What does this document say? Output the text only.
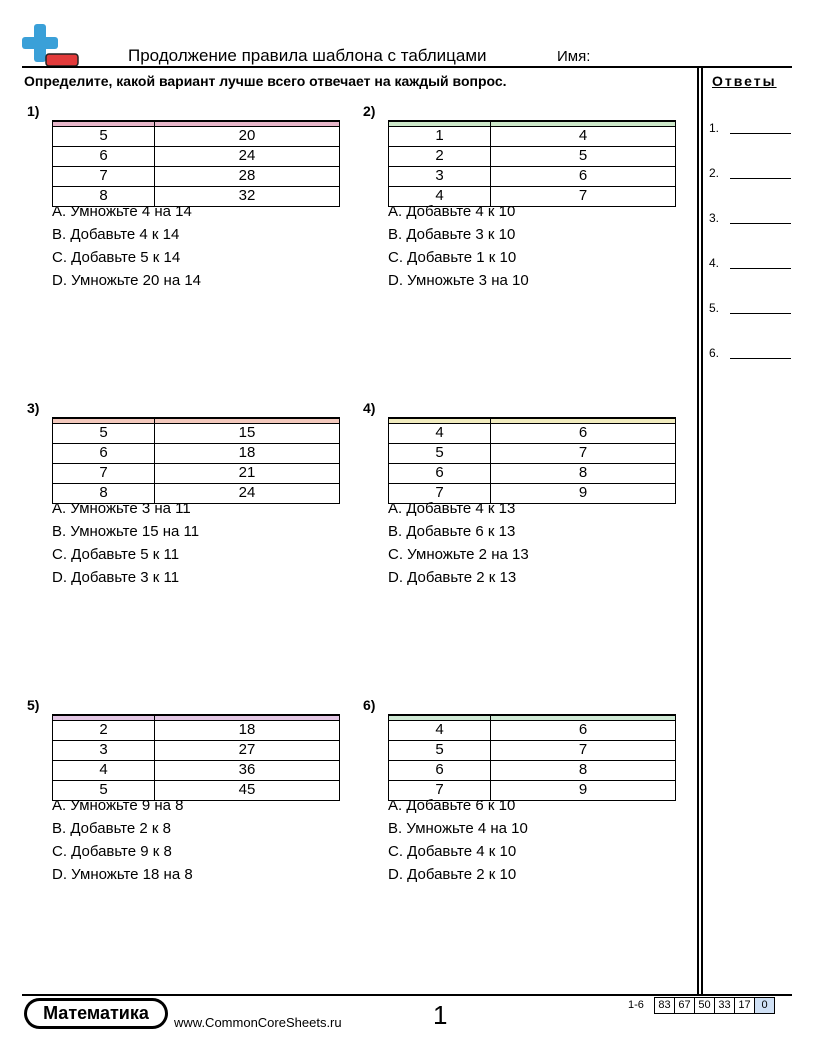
Продолжение правила шаблона с таблицами	Имя:
Определите, какой вариант лучше всего отвечает на каждый вопрос.	Ответы
1.
2.
3.
4.
5.
6.
1)

5	20
6	24
7	28
8	32
A. Умножьте 4 на 14
B. Добавьте 4 к 14
C. Добавьте 5 к 14
D. Умножьте 20 на 14
2)

1	4
2	5
3	6
4	7
A. Добавьте 4 к 10
B. Добавьте 3 к 10
C. Добавьте 1 к 10
D. Умножьте 3 на 10
3)

5	15
6	18
7	21
8	24
A. Умножьте 3 на 11
B. Умножьте 15 на 11
C. Добавьте 5 к 11
D. Добавьте 3 к 11
4)

4	6
5	7
6	8
7	9
A. Добавьте 4 к 13
B. Добавьте 6 к 13
C. Умножьте 2 на 13
D. Добавьте 2 к 13
5)

2	18
3	27
4	36
5	45
A. Умножьте 9 на 8
B. Добавьте 2 к 8
C. Добавьте 9 к 8
D. Умножьте 18 на 8
6)

4	6
5	7
6	8
7	9
A. Добавьте 6 к 10
B. Умножьте 4 на 10
C. Добавьте 4 к 10
D. Добавьте 2 к 10
Математика	www.CommonCoreSheets.ru	1	1-6	83 67 50 33 17 0
